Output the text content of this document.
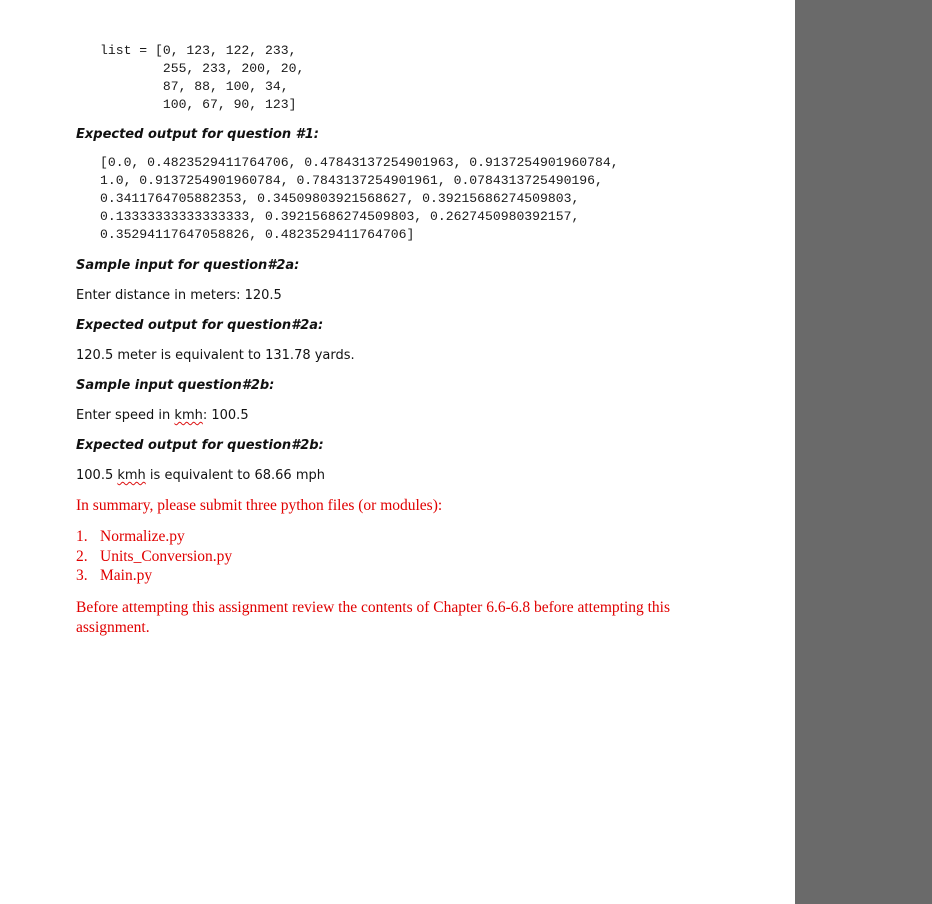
list = [0, 123, 122, 233,
255, 233, 200, 20,
87, 88, 100, 34,
100, 67, 90, 123]
Expected output for question #1:
[0.0, 0.4823529411764706, 0.47843137254901963, 0.9137254901960784,
1.0, 0.9137254901960784, 0.7843137254901961, 0.0784313725490196,
0.3411764705882353, 0.34509803921568627, 0.39215686274509803,
0.13333333333333333, 0.39215686274509803, 0.2627450980392157,
0.35294117647058826, 0.4823529411764706]
Sample input for question#2a:
Enter distance in meters: 120.5
Expected output for question#2a:
120.5 meter is equivalent to 131.78 yards.
Sample input question#2b:
Enter speed in kmh: 100.5
Expected output for question#2b:
100.5 kmh is equivalent to 68.66 mph
In summary, please submit three python files (or modules):
1. Normalize.py
2. Units_Conversion.py
3. Main.py
Before attempting this assignment review the contents of Chapter 6.6-6.8 before attempting this assignment.
